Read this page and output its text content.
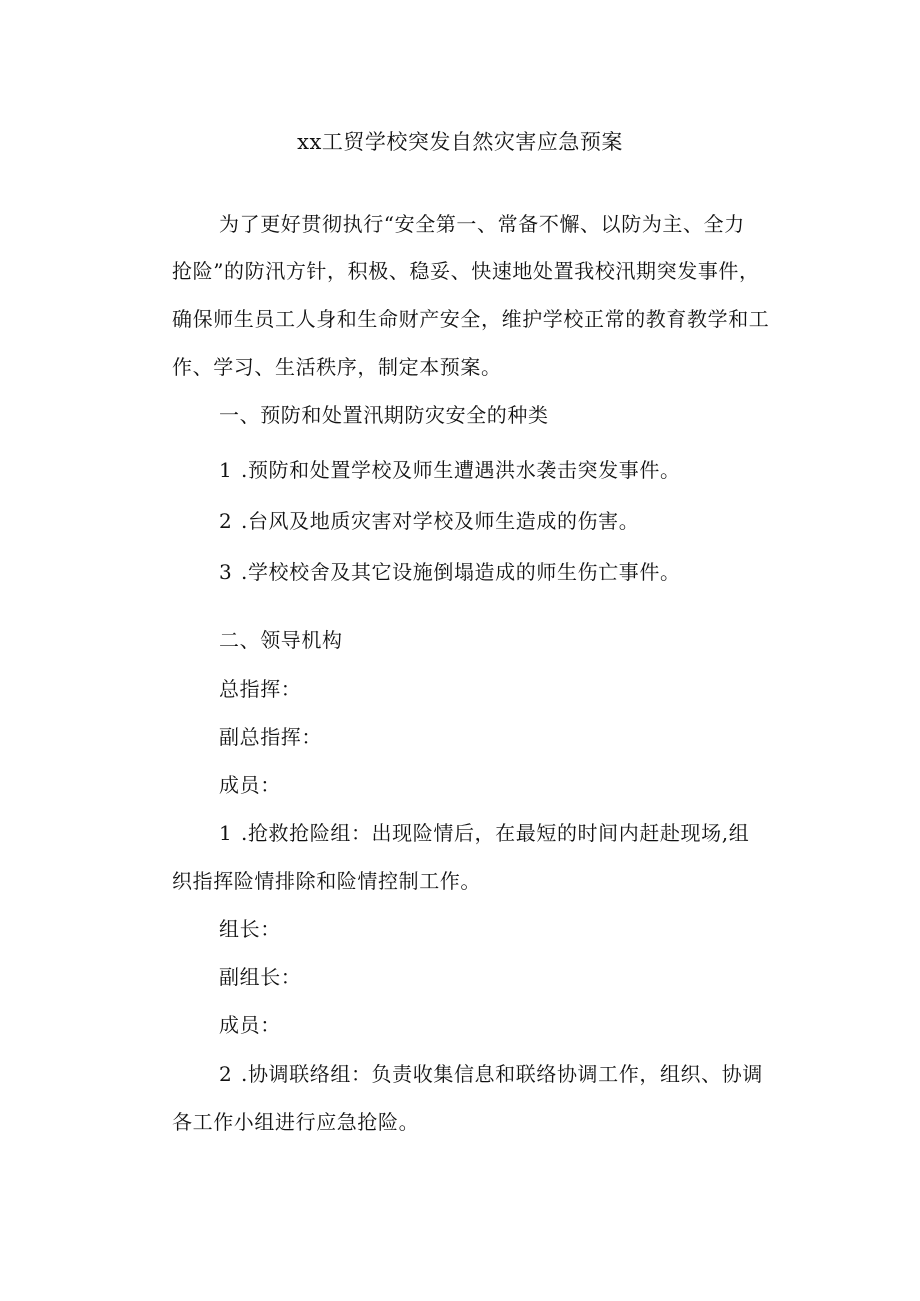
xx工贸学校突发自然灾害应急预案
为了更好贯彻执行“安全第一、常备不懈、以防为主、全力
抢险”的防汛方针，积极、稳妥、快速地处置我校汛期突发事件，
确保师生员工人身和生命财产安全，维护学校正常的教育教学和工
作、学习、生活秩序，制定本预案。
一、预防和处置汛期防灾安全的种类
1 .预防和处置学校及师生遭遇洪水袭击突发事件。
2 .台风及地质灾害对学校及师生造成的伤害。
3 .学校校舍及其它设施倒塌造成的师生伤亡事件。
二、领导机构
总指挥：
副总指挥：
成员：
1 .抢救抢险组：出现险情后，在最短的时间内赶赴现场,组
织指挥险情排除和险情控制工作。
组长：
副组长：
成员：
2 .协调联络组：负责收集信息和联络协调工作，组织、协调
各工作小组进行应急抢险。
